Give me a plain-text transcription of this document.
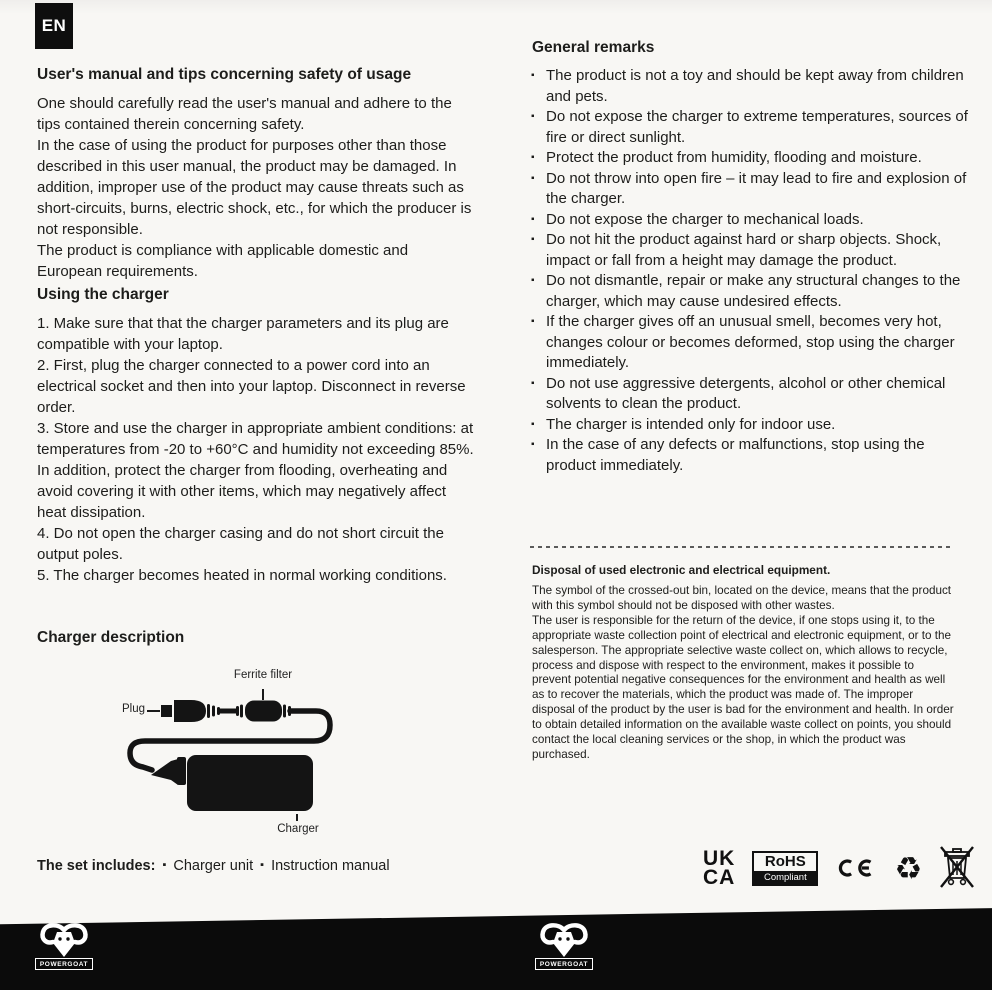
EN
User's manual and tips concerning safety of usage
One should carefully read the user's manual and adhere to the tips contained therein concerning safety.
In the case of using the product for purposes other than those described in this user manual, the product may be damaged. In addition, improper use of the product may cause threats such as short-circuits, burns, electric shock, etc., for which the producer is not responsible.
The product is compliance with applicable domestic and European requirements.
Using the charger
1. Make sure that that the charger parameters and its plug are compatible with your laptop.
2. First, plug the charger connected to a power cord into an electrical socket and then into your laptop. Disconnect in reverse order.
3. Store and use the charger in appropriate ambient conditions: at temperatures from -20 to +60°C and humidity not exceeding 85%. In addition, protect the charger from flooding, overheating and avoid covering it with other items, which may negatively affect heat dissipation.
4. Do not open the charger casing and do not short circuit the output poles.
5. The charger becomes heated in normal working conditions.
Charger description
Ferrite filter
Plug
Charger
The set includes: ▪ Charger unit ▪ Instruction manual
General remarks
▪ The product is not a toy and should be kept away from children and pets.
▪ Do not expose the charger to extreme temperatures, sources of fire or direct sunlight.
▪ Protect the product from humidity, flooding and moisture.
▪ Do not throw into open fire – it may lead to fire and explosion of the charger.
▪ Do not expose the charger to mechanical loads.
▪ Do not hit the product against hard or sharp objects. Shock, impact or fall from a height may damage the product.
▪ Do not dismantle, repair or make any structural changes to the charger, which may cause undesired effects.
▪ If the charger gives off an unusual smell, becomes very hot, changes colour or becomes deformed, stop using the charger immediately.
▪ Do not use aggressive detergents, alcohol or other chemical solvents to clean the product.
▪ The charger is intended only for indoor use.
▪ In the case of any defects or malfunctions, stop using the product immediately.
Disposal of used electronic and electrical equipment.

The symbol of the crossed-out bin, located on the device, means that the product with this symbol should not be disposed with other wastes.

The user is responsible for the return of the device, if one stops using it, to the appropriate waste collection point of electrical and electronic equipment, or to the salesperson. The appropriate selective waste collect on, which allows to recycle, process and dispose with respect to the environment, makes it possible to prevent potential negative consequences for the environment and health as well as to recover the materials, which the product was made of. The improper disposal of the product by the user is bad for the environment and health. In order to obtain detailed information on the available waste collect on points, you should contact the local cleaning services or the shop, in which the product was purchased.

UK
CA
RoHS
Compliant	♻
POWERGOAT	POWERGOAT
